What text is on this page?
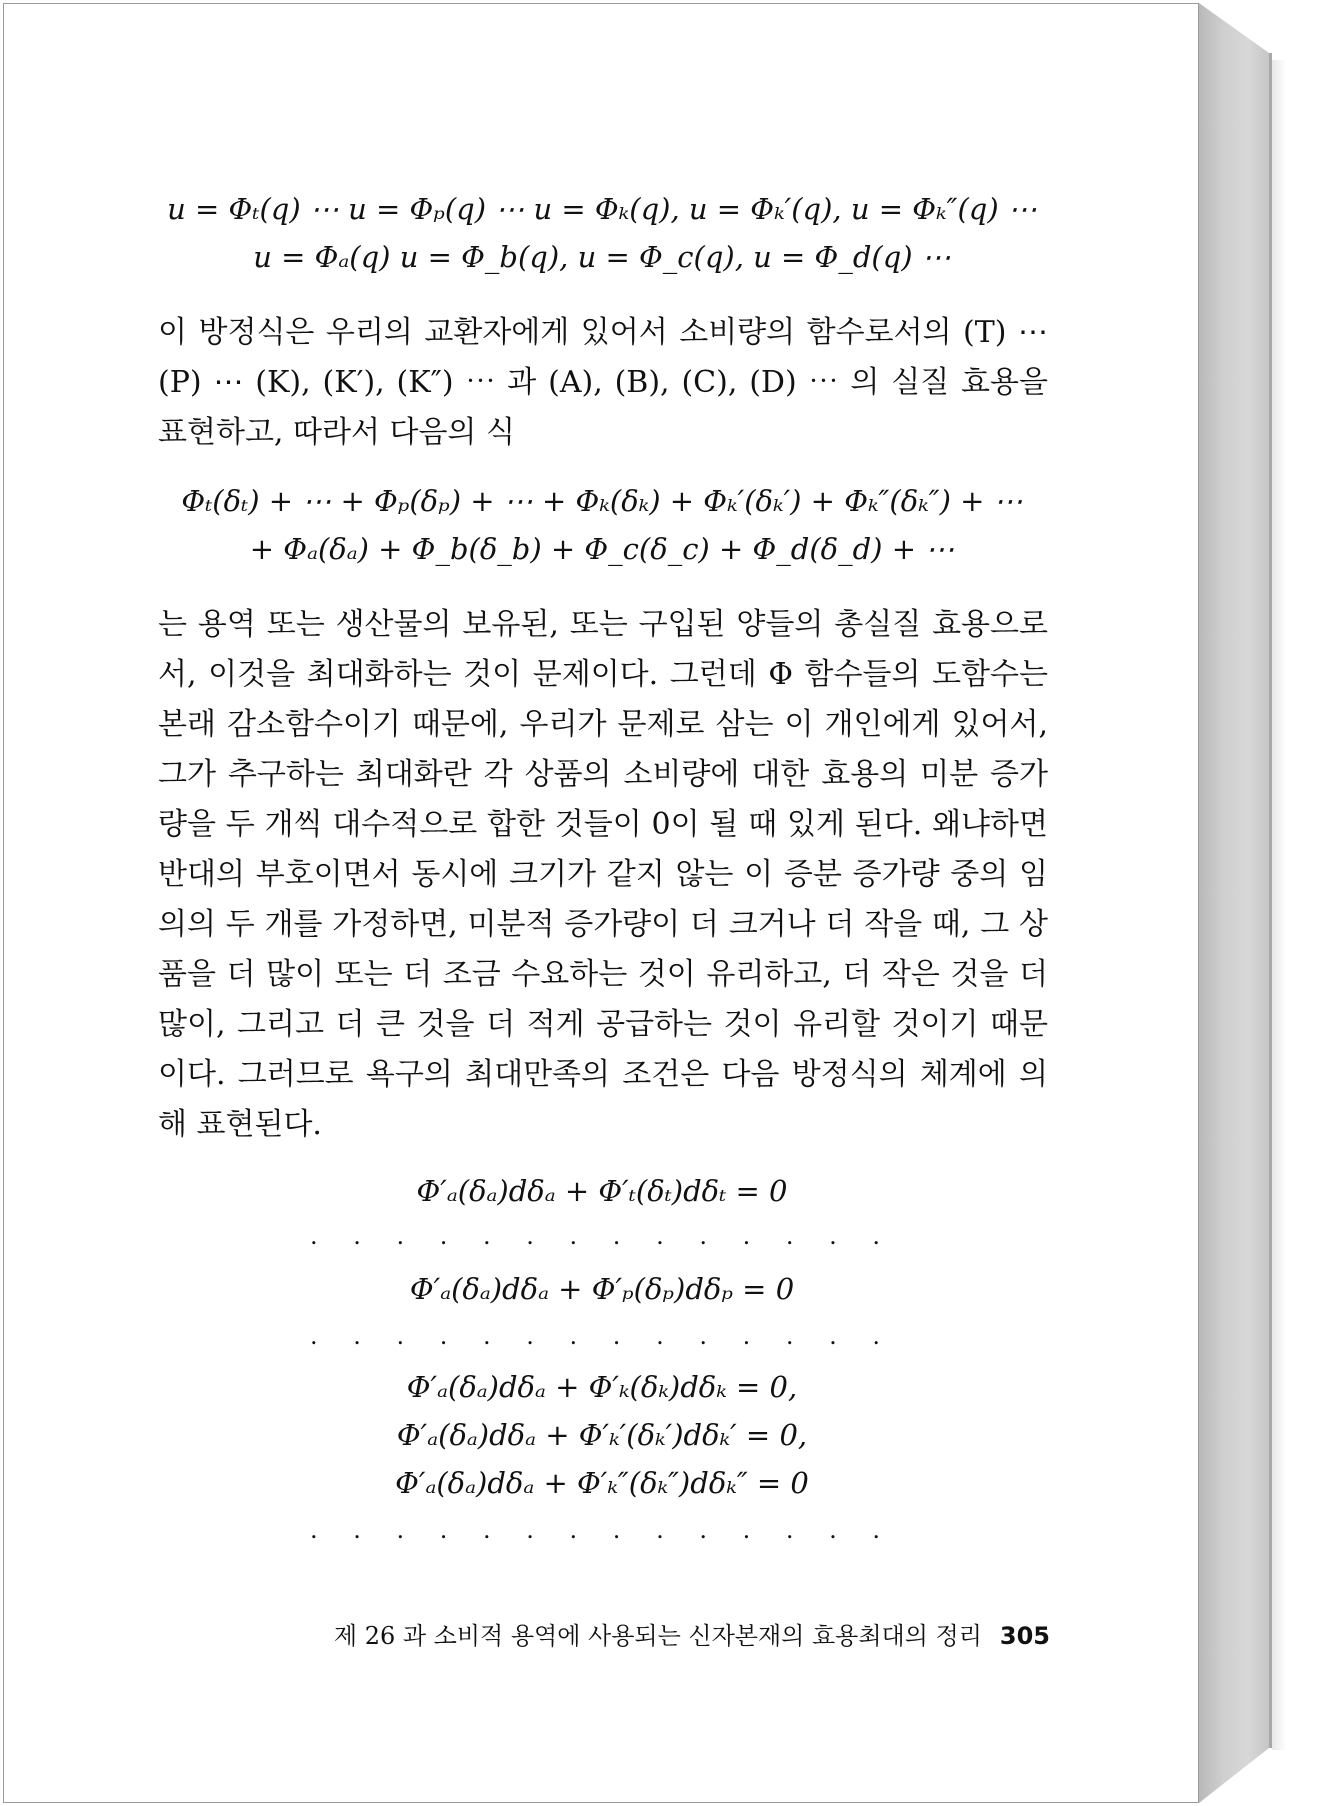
u = Φₜ(q) ⋯ u = Φₚ(q) ⋯ u = Φₖ(q), u = Φₖ′(q), u = Φₖ″(q) ⋯
u = Φₐ(q) u = Φ_b(q), u = Φ_c(q), u = Φ_d(q) ⋯
이 방정식은 우리의 교환자에게 있어서 소비량의 함수로서의 (T) ⋯ (P) ⋯ (K), (K′), (K″) ⋯ 과 (A), (B), (C), (D) ⋯ 의 실질 효용을 표현하고, 따라서 다음의 식
Φₜ(δₜ) + ⋯ + Φₚ(δₚ) + ⋯ + Φₖ(δₖ) + Φₖ′(δₖ′) + Φₖ″(δₖ″) + ⋯
+ Φₐ(δₐ) + Φ_b(δ_b) + Φ_c(δ_c) + Φ_d(δ_d) + ⋯
는 용역 또는 생산물의 보유된, 또는 구입된 양들의 총실질 효용으로서, 이것을 최대화하는 것이 문제이다. 그런데 Φ 함수들의 도함수는 본래 감소함수이기 때문에, 우리가 문제로 삼는 이 개인에게 있어서, 그가 추구하는 최대화란 각 상품의 소비량에 대한 효용의 미분 증가량을 두 개씩 대수적으로 합한 것들이 0이 될 때 있게 된다. 왜냐하면 반대의 부호이면서 동시에 크기가 같지 않는 이 증분 증가량 중의 임의의 두 개를 가정하면, 미분적 증가량이 더 크거나 더 작을 때, 그 상품을 더 많이 또는 더 조금 수요하는 것이 유리하고, 더 작은 것을 더 많이, 그리고 더 큰 것을 더 적게 공급하는 것이 유리할 것이기 때문이다. 그러므로 욕구의 최대만족의 조건은 다음 방정식의 체계에 의해 표현된다.
Φ′ₐ(δₐ)dδₐ + Φ′ₜ(δₜ)dδₜ = 0
. . . . . . . . . . . . . .
Φ′ₐ(δₐ)dδₐ + Φ′ₚ(δₚ)dδₚ = 0
. . . . . . . . . . . . . .
Φ′ₐ(δₐ)dδₐ + Φ′ₖ(δₖ)dδₖ = 0,
Φ′ₐ(δₐ)dδₐ + Φ′ₖ′(δₖ′)dδₖ′ = 0,
Φ′ₐ(δₐ)dδₐ + Φ′ₖ″(δₖ″)dδₖ″ = 0
. . . . . . . . . . . . . .
제 26 과 소비적 용역에 사용되는 신자본재의 효용최대의 정리 305
